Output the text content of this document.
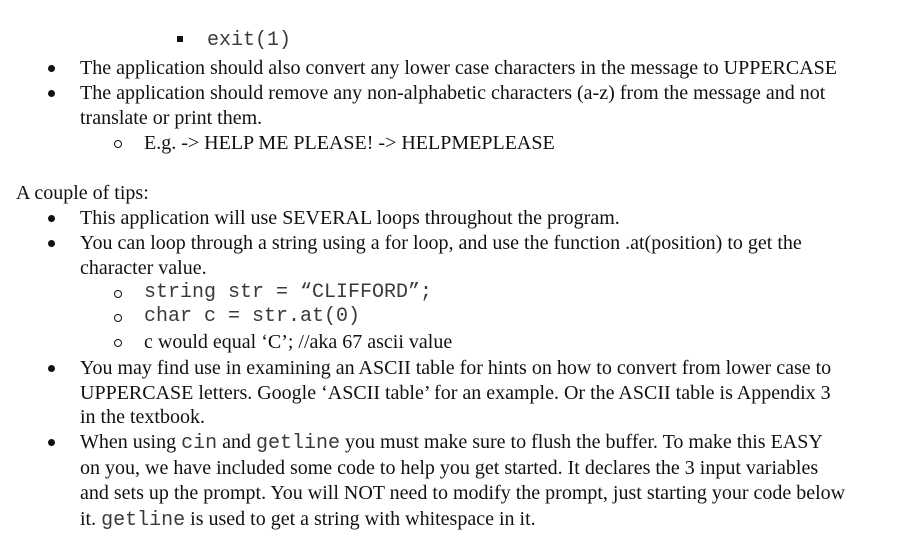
exit(1)
The application should also convert any lower case characters in the message to UPPERCASE
The application should remove any non-alphabetic characters (a-z) from the message and not
translate or print them.
E.g. -> HELP ME PLEASE! -> HELPMEPLEASE
A couple of tips:
This application will use SEVERAL loops throughout the program.
You can loop through a string using a for loop, and use the function .at(position) to get the
character value.
string str = “CLIFFORD”;
char c = str.at(0)
c would equal ‘C’; //aka 67 ascii value
You may find use in examining an ASCII table for hints on how to convert from lower case to
UPPERCASE letters. Google ‘ASCII table’ for an example. Or the ASCII table is Appendix 3
in the textbook.
When using cin and getline you must make sure to flush the buffer. To make this EASY
on you, we have included some code to help you get started. It declares the 3 input variables
and sets up the prompt. You will NOT need to modify the prompt, just starting your code below
it. getline is used to get a string with whitespace in it.
